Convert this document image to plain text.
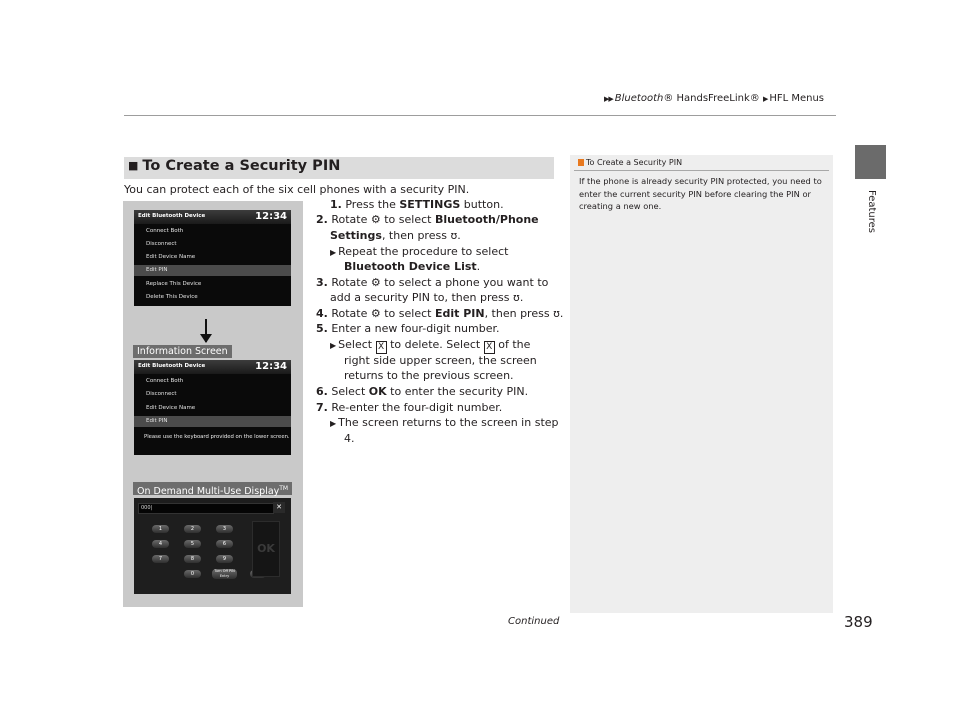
▶▶ Bluetooth® HandsFreeLink® ▶ HFL Menus
Features
■ To Create a Security PIN
You can protect each of the six cell phones with a security PIN.
Edit Bluetooth Device	12:34
Connect Both
Disconnect
Edit Device Name
Edit PIN
Replace This Device
Delete This Device
Information Screen
Edit Bluetooth Device	12:34
Connect Both
Disconnect
Edit Device Name
Edit PIN
Please use the keyboard provided on the lower screen.
On Demand Multi-Use Display™
000|	✕
1	2	3
4	5	6
7	8	9
0	Turn Off PIN Entry
OK
1. Press the SETTINGS button.
2. Rotate ⚙ to select Bluetooth/Phone
Settings, then press ʊ.
▶ Repeat the procedure to select
Bluetooth Device List.
3. Rotate ⚙ to select a phone you want to
add a security PIN to, then press ʊ.
4. Rotate ⚙ to select Edit PIN, then press ʊ.
5. Enter a new four-digit number.
▶ Select X to delete. Select X of the
right side upper screen, the screen
returns to the previous screen.
6. Select OK to enter the security PIN.
7. Re-enter the four-digit number.
▶ The screen returns to the screen in step
4.
To Create a Security PIN
If the phone is already security PIN protected, you need to enter the current security PIN before clearing the PIN or creating a new one.
Continued	389
